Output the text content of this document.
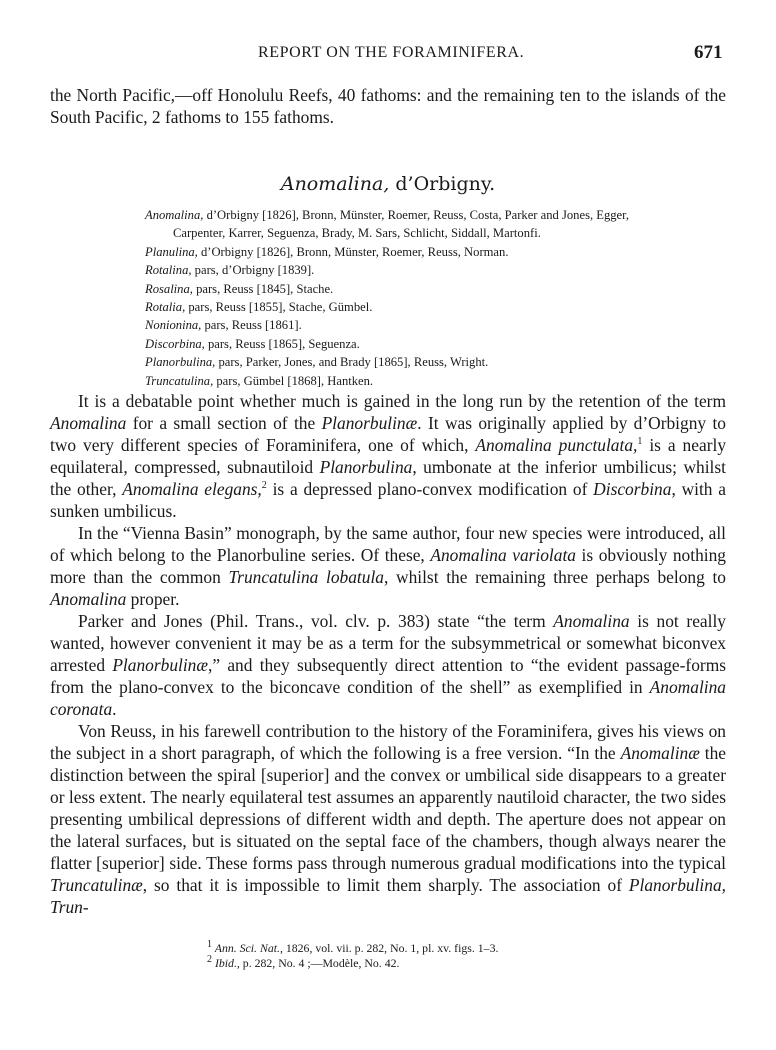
REPORT ON THE FORAMINIFERA.	671

the North Pacific,—off Honolulu Reefs, 40 fathoms: and the remaining ten to the islands of the South Pacific, 2 fathoms to 155 fathoms.

Anomalina, d’Orbigny.
Anomalina, d’Orbigny [1826], Bronn, Münster, Roemer, Reuss, Costa, Parker and Jones, Egger,
Carpenter, Karrer, Seguenza, Brady, M. Sars, Schlicht, Siddall, Martonfi.
Planulina, d’Orbigny [1826], Bronn, Münster, Roemer, Reuss, Norman.
Rotalina, pars, d’Orbigny [1839].
Rosalina, pars, Reuss [1845], Stache.
Rotalia, pars, Reuss [1855], Stache, Gümbel.
Nonionina, pars, Reuss [1861].
Discorbina, pars, Reuss [1865], Seguenza.
Planorbulina, pars, Parker, Jones, and Brady [1865], Reuss, Wright.
Truncatulina, pars, Gümbel [1868], Hantken.

It is a debatable point whether much is gained in the long run by the retention of the term Anomalina for a small section of the Planorbulinæ. It was originally applied by d’Orbigny to two very different species of Foraminifera, one of which, Anomalina punctulata,$^1$ is a nearly equilateral, compressed, subnautiloid Planorbulina, umbonate at the inferior umbilicus; whilst the other, Anomalina elegans,$^2$ is a depressed plano-convex modification of Discorbina, with a sunken umbilicus.

In the “Vienna Basin” monograph, by the same author, four new species were introduced, all of which belong to the Planorbuline series. Of these, Anomalina variolata is obviously nothing more than the common Truncatulina lobatula, whilst the remaining three perhaps belong to Anomalina proper.

Parker and Jones (Phil. Trans., vol. clv. p. 383) state “the term Anomalina is not really wanted, however convenient it may be as a term for the subsymmetrical or somewhat biconvex arrested Planorbulinæ,” and they subsequently direct attention to “the evident passage-forms from the plano-convex to the biconcave condition of the shell” as exemplified in Anomalina coronata.

Von Reuss, in his farewell contribution to the history of the Foraminifera, gives his views on the subject in a short paragraph, of which the following is a free version. “In the Anomalinæ the distinction between the spiral [superior] and the convex or umbilical side disappears to a greater or less extent. The nearly equilateral test assumes an apparently nautiloid character, the two sides presenting umbilical depressions of different width and depth. The aperture does not appear on the lateral surfaces, but is situated on the septal face of the chambers, though always nearer the flatter [superior] side. These forms pass through numerous gradual modifications into the typical Truncatulinæ, so that it is impossible to limit them sharply. The association of Planorbulina, Trun-

$^1$ Ann. Sci. Nat., 1826, vol. vii. p. 282, No. 1, pl. xv. figs. 1–3.
$^2$ Ibid., p. 282, No. 4 ;—Modèle, No. 42.
